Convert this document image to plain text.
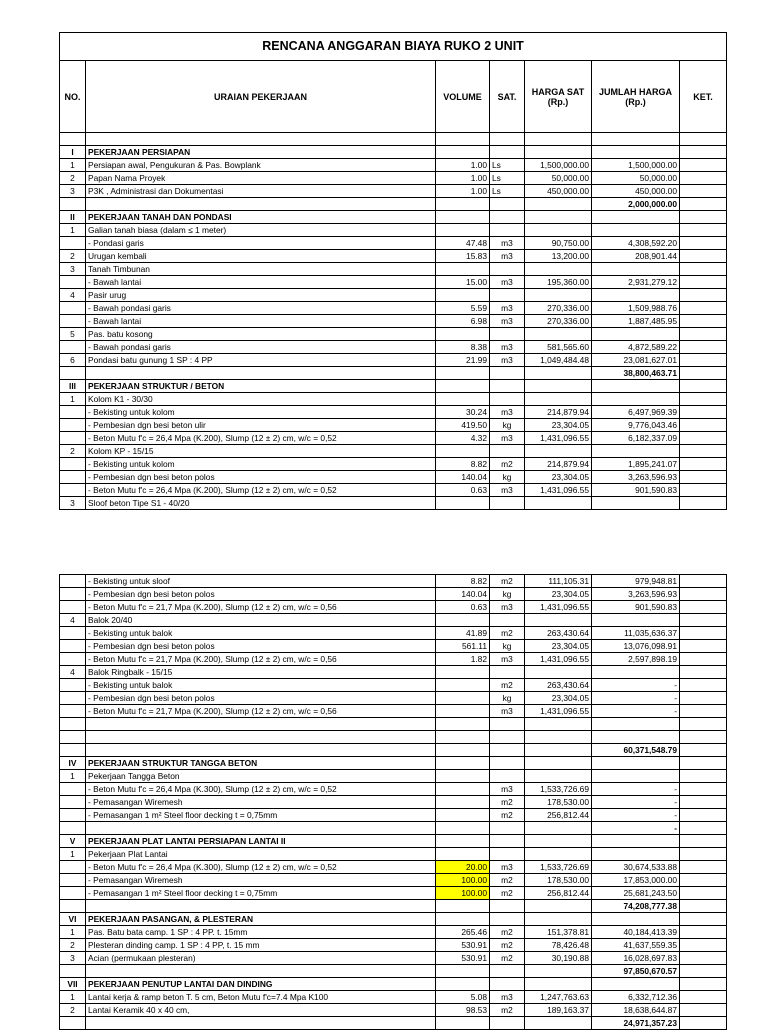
RENCANA ANGGARAN BIAYA RUKO 2 UNIT						
NO.	URAIAN PEKERJAAN	VOLUME	SAT.	HARGA SAT (Rp.)	JUMLAH HARGA (Rp.)	KET.

I	PEKERJAAN PERSIAPAN					
1	Persiapan awal, Pengukuran & Pas. Bowplank	1.00	Ls	1,500,000.00	1,500,000.00	
2	Papan Nama Proyek	1.00	Ls	50,000.00	50,000.00	
3	P3K , Administrasi dan Dokumentasi	1.00	Ls	450,000.00	450,000.00	
					2,000,000.00	
II	PEKERJAAN TANAH DAN PONDASI					
1	Galian tanah biasa (dalam ≤ 1 meter)					
	- Pondasi garis	47.48	m3	90,750.00	4,308,592.20	
2	Urugan kembali	15.83	m3	13,200.00	208,901.44	
3	Tanah Timbunan					
	- Bawah lantai	15.00	m3	195,360.00	2,931,279.12	
4	Pasir urug					
	- Bawah pondasi garis	5.59	m3	270,336.00	1,509,988.76	
	- Bawah lantai	6.98	m3	270,336.00	1,887,485.95	
5	Pas. batu kosong					
	- Bawah pondasi garis	8.38	m3	581,565.60	4,872,589.22	
6	Pondasi batu gunung 1 SP : 4 PP	21.99	m3	1,049,484.48	23,081,627.01	
					38,800,463.71	
III	PEKERJAAN STRUKTUR / BETON					
1	Kolom K1 - 30/30					
	- Bekisting untuk kolom	30.24	m3	214,879.94	6,497,969.39	
	- Pembesian dgn besi beton ulir	419.50	kg	23,304.05	9,776,043.46	
	- Beton Mutu f'c = 26,4 Mpa (K.200), Slump (12 ± 2) cm, w/c = 0,52	4.32	m3	1,431,096.55	6,182,337.09	
2	Kolom KP - 15/15					
	- Bekisting untuk kolom	8.82	m2	214,879.94	1,895,241.07	
	- Pembesian dgn besi beton polos	140.04	kg	23,304.05	3,263,596.93	
	- Beton Mutu f'c = 26,4 Mpa (K.200), Slump (12 ± 2) cm, w/c = 0,52	0.63	m3	1,431,096.55	901,590.83	
3	Sloof beton Tipe S1 - 40/20					
	- Bekisting untuk sloof	8.82	m2	111,105.31	979,948.81	
	- Pembesian dgn besi beton polos	140.04	kg	23,304.05	3,263,596.93	
	- Beton Mutu f'c = 21,7 Mpa (K.200), Slump (12 ± 2) cm, w/c = 0,56	0.63	m3	1,431,096.55	901,590.83	
4	Balok 20/40					
	- Bekisting untuk balok	41.89	m2	263,430.64	11,035,636.37	
	- Pembesian dgn besi beton polos	561.11	kg	23,304.05	13,076,098.91	
	- Beton Mutu f'c = 21,7 Mpa (K.200), Slump (12 ± 2) cm, w/c = 0,56	1.82	m3	1,431,096.55	2,597,898.19	
4	Balok Ringbalk - 15/15					
	- Bekisting untuk balok		m2	263,430.64	-	
	- Pembesian dgn besi beton polos		kg	23,304.05	-	
	- Beton Mutu f'c = 21,7 Mpa (K.200), Slump (12 ± 2) cm, w/c = 0,56		m3	1,431,096.55	-	

					60,371,548.79	
IV	PEKERJAAN STRUKTUR TANGGA BETON					
1	Pekerjaan Tangga Beton					
	- Beton Mutu f'c = 26,4 Mpa (K.300), Slump (12 ± 2) cm, w/c = 0,52		m3	1,533,726.69	-	
	- Pemasangan Wiremesh		m2	178,530.00	-	
	- Pemasangan 1 m² Steel floor decking t = 0,75mm		m2	256,812.44	-	
					-	
V	PEKERJAAN PLAT LANTAI PERSIAPAN LANTAI II					
1	Pekerjaan Plat Lantai					
	- Beton Mutu f'c = 26,4 Mpa (K.300), Slump (12 ± 2) cm, w/c = 0,52	20.00	m3	1,533,726.69	30,674,533.88	
	- Pemasangan Wiremesh	100.00	m2	178,530.00	17,853,000.00	
	- Pemasangan 1 m² Steel floor decking t = 0,75mm	100.00	m2	256,812.44	25,681,243.50	
					74,208,777.38	
VI	PEKERJAAN PASANGAN, & PLESTERAN					
1	Pas. Batu bata camp. 1 SP : 4 PP. t. 15mm	265.46	m2	151,378.81	40,184,413.39	
2	Plesteran dinding camp. 1 SP : 4 PP, t. 15 mm	530.91	m2	78,426.48	41,637,559.35	
3	Acian (permukaan plesteran)	530.91	m2	30,190.88	16,028,697.83	
					97,850,670.57	
VII	PEKERJAAN PENUTUP LANTAI DAN DINDING					
1	Lantai kerja & ramp beton T. 5 cm, Beton Mutu f'c=7.4 Mpa K100	5.08	m3	1,247,763.63	6,332,712.36	
2	Lantai Keramik 40 x 40 cm,	98.53	m2	189,163.37	18,638,644.87	
					24,971,357.23	
